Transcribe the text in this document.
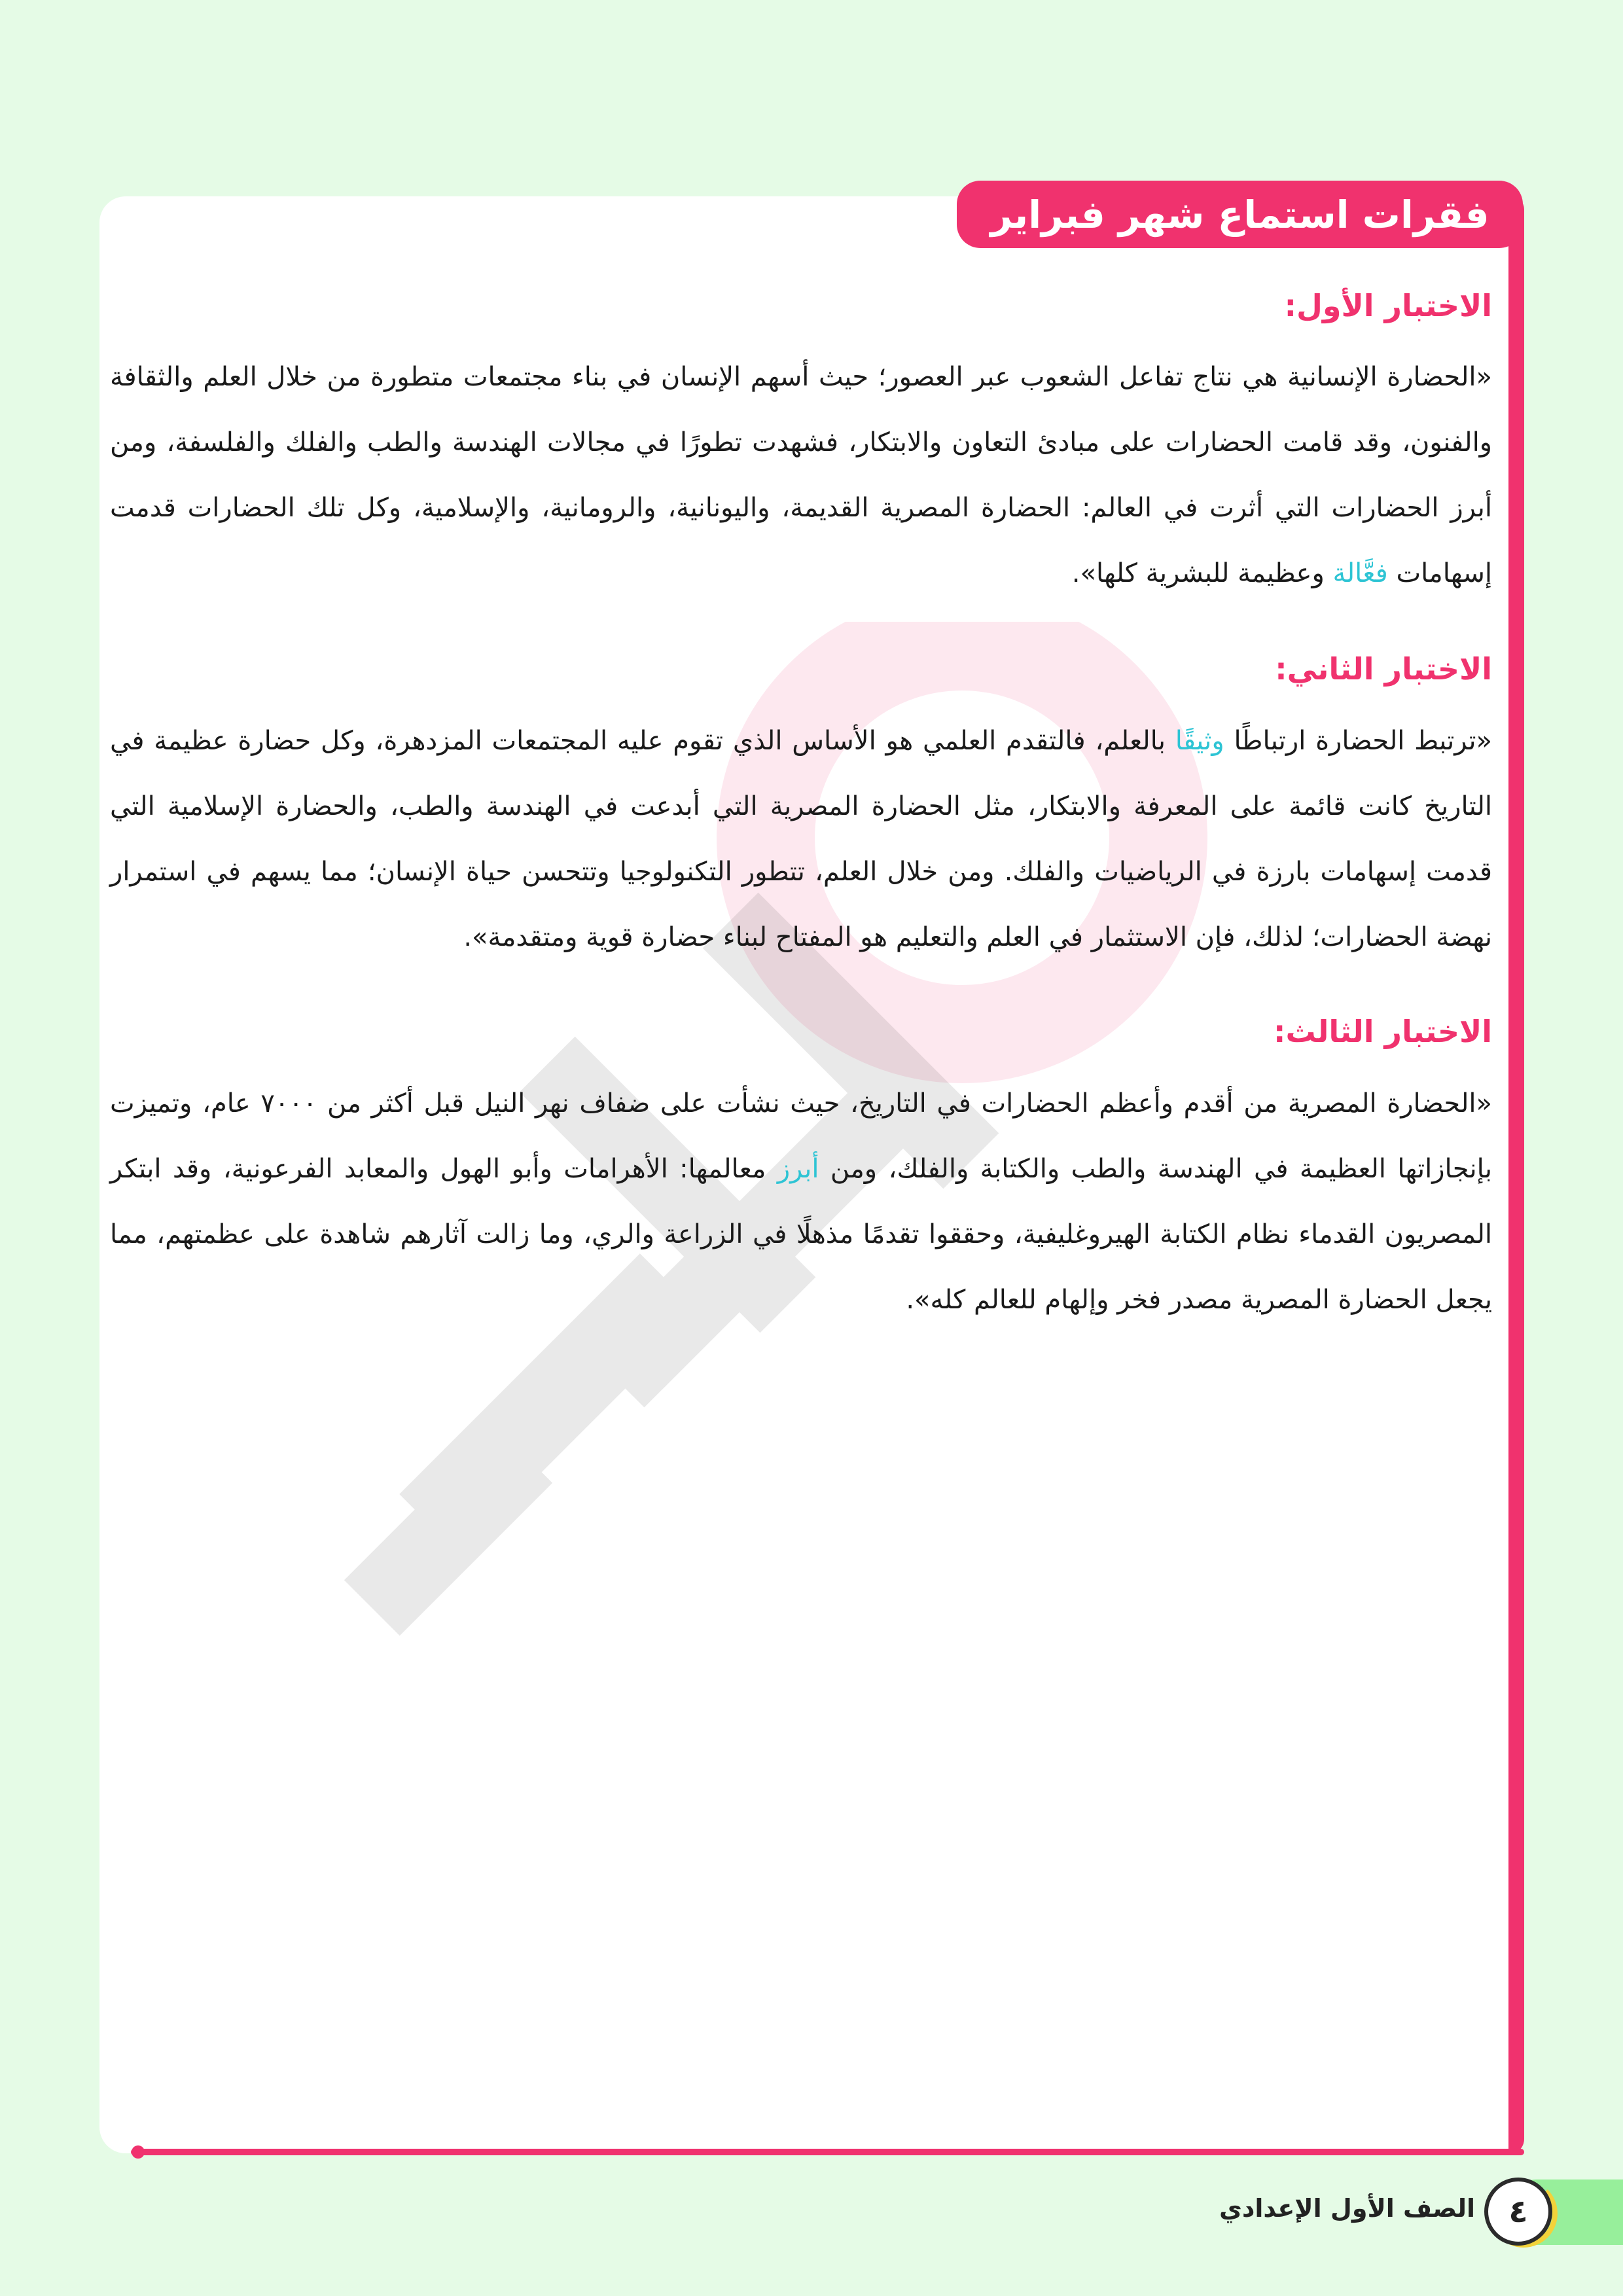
فقرات استماع شهر فبراير
الاختبار الأول:
«الحضارة الإنسانية هي نتاج تفاعل الشعوب عبر العصور؛ حيث أسهم الإنسان في بناء مجتمعات متطورة من خلال العلم والثقافة والفنون، وقد قامت الحضارات على مبادئ التعاون والابتكار، فشهدت تطورًا في مجالات الهندسة والطب والفلك والفلسفة، ومن أبرز الحضارات التي أثرت في العالم: الحضارة المصرية القديمة، واليونانية، والرومانية، والإسلامية، وكل تلك الحضارات قدمت إسهامات فعَّالة وعظيمة للبشرية كلها».
الاختبار الثاني:
«ترتبط الحضارة ارتباطًا وثيقًا بالعلم، فالتقدم العلمي هو الأساس الذي تقوم عليه المجتمعات المزدهرة، وكل حضارة عظيمة في التاريخ كانت قائمة على المعرفة والابتكار، مثل الحضارة المصرية التي أبدعت في الهندسة والطب، والحضارة الإسلامية التي قدمت إسهامات بارزة في الرياضيات والفلك. ومن خلال العلم، تتطور التكنولوجيا وتتحسن حياة الإنسان؛ مما يسهم في استمرار نهضة الحضارات؛ لذلك، فإن الاستثمار في العلم والتعليم هو المفتاح لبناء حضارة قوية ومتقدمة».
الاختبار الثالث:
«الحضارة المصرية من أقدم وأعظم الحضارات في التاريخ، حيث نشأت على ضفاف نهر النيل قبل أكثر من ٧٠٠٠ عام، وتميزت بإنجازاتها العظيمة في الهندسة والطب والكتابة والفلك، ومن أبرز معالمها: الأهرامات وأبو الهول والمعابد الفرعونية، وقد ابتكر المصريون القدماء نظام الكتابة الهيروغليفية، وحققوا تقدمًا مذهلًا في الزراعة والري، وما زالت آثارهم شاهدة على عظمتهم، مما يجعل الحضارة المصرية مصدر فخر وإلهام للعالم كله».
٤
الصف الأول الإعدادي
